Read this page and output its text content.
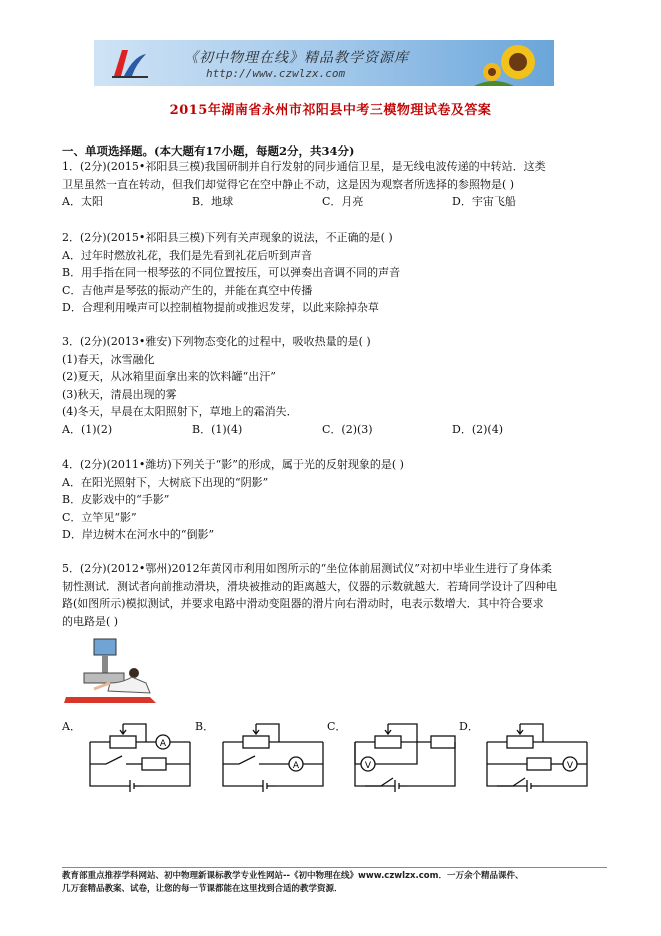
《初中物理在线》精品教学资源库
http://www.czwlzx.com
2015年湖南省永州市祁阳县中考三模物理试卷及答案
一、单项选择题。(本大题有17小题，每题2分，共34分)
1．(2分)(2015•祁阳县三模)我国研制并自行发射的同步通信卫星，是无线电波传递的中转站．这类
卫星虽然一直在转动，但我们却觉得它在空中静止不动，这是因为观察者所选择的参照物是( )
A．太阳	B．地球	C．月亮	D．宇宙飞船
2．(2分)(2015•祁阳县三模)下列有关声现象的说法，不正确的是( )
A．过年时燃放礼花，我们是先看到礼花后听到声音
B．用手指在同一根琴弦的不同位置按压，可以弹奏出音调不同的声音
C．吉他声是琴弦的振动产生的，并能在真空中传播
D．合理利用噪声可以控制植物提前或推迟发芽，以此来除掉杂草
3．(2分)(2013•雅安)下列物态变化的过程中，吸收热量的是( )
(1)春天，冰雪融化
(2)夏天，从冰箱里面拿出来的饮料罐“出汗”
(3)秋天，清晨出现的雾
(4)冬天，早晨在太阳照射下，草地上的霜消失．
A．(1)(2)	B．(1)(4)	C．(2)(3)	D．(2)(4)
4．(2分)(2011•潍坊)下列关于“影”的形成，属于光的反射现象的是( )
A．在阳光照射下，大树底下出现的“阴影”
B．皮影戏中的“手影”
C．立竿见“影”
D．岸边树木在河水中的“倒影”
5．(2分)(2012•鄂州)2012年黄冈市利用如图所示的“坐位体前屈测试仪”对初中毕业生进行了身体柔
韧性测试．测试者向前推动滑块，滑块被推动的距离越大，仪器的示数就越大．若琦同学设计了四种电
路(如图所示)模拟测试，并要求电路中滑动变阻器的滑片向右滑动时，电表示数增大．其中符合要求
的电路是( )
A．
A
B．
A
C．
V
D．
V
教育部重点推荐学科网站、初中物理新课标教学专业性网站--《初中物理在线》www.czwlzx.com．一万余个精品课件、
几万套精品教案、试卷，让您的每一节课都能在这里找到合适的教学资源．
